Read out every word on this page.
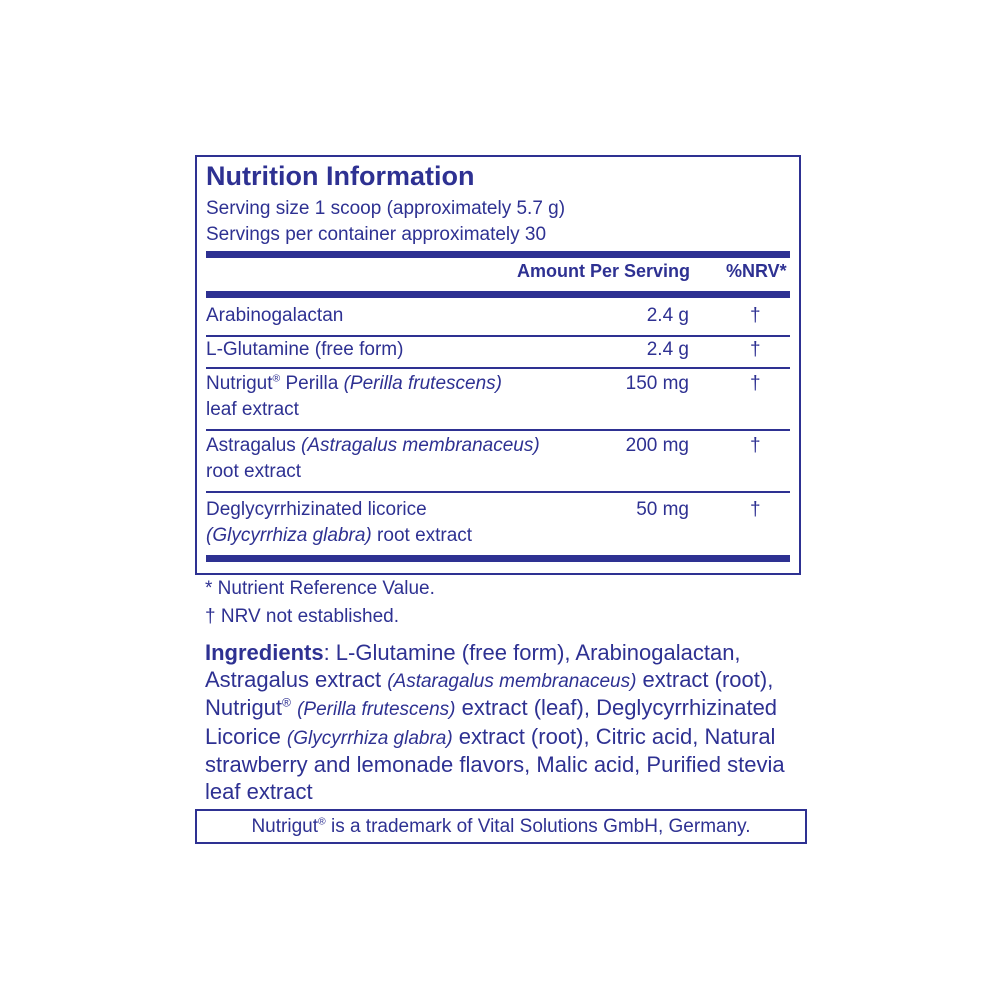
Nutrition Information
Serving size 1 scoop (approximately 5.7 g)
Servings per container approximately 30
Amount Per Serving %NRV*
Arabinogalactan	2.4 g	†
L-Glutamine (free form)	2.4 g	†
Nutrigut® Perilla (Perilla frutescens)
leaf extract
150 mg	†
Astragalus (Astragalus membranaceus)
root extract
200 mg	†
Deglycyrrhizinated licorice
(Glycyrrhiza glabra) root extract
50 mg	†
* Nutrient Reference Value.
† NRV not established.
Ingredients: L-Glutamine (free form), Arabinogalactan, Astragalus extract (Astaragalus membranaceus) extract (root), Nutrigut® (Perilla frutescens) extract (leaf), Deglycyrrhizinated Licorice (Glycyrrhiza glabra) extract (root), Citric acid, Natural strawberry and lemonade flavors, Malic acid, Purified stevia leaf extract
Nutrigut® is a trademark of Vital Solutions GmbH, Germany.
